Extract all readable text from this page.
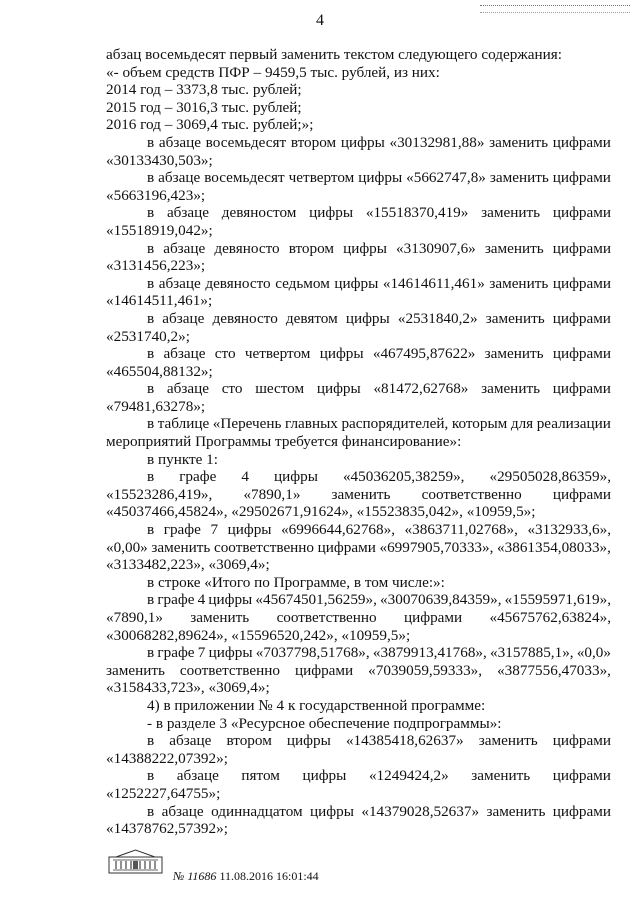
4
абзац восемьдесят первый заменить текстом следующего содержания:
«- объем средств ПФР – 9459,5 тыс. рублей, из них:
2014 год – 3373,8 тыс. рублей;
2015 год – 3016,3 тыс. рублей;
2016 год – 3069,4 тыс. рублей;»;
в абзаце восемьдесят втором цифры «30132981,88» заменить цифрами
«30133430,503»;
в абзаце восемьдесят четвертом цифры «5662747,8» заменить цифрами
«5663196,423»;
в абзаце девяностом цифры «15518370,419» заменить цифрами
«15518919,042»;
в абзаце девяносто втором цифры «3130907,6» заменить цифрами
«3131456,223»;
в абзаце девяносто седьмом цифры «14614611,461» заменить цифрами
«14614511,461»;
в абзаце девяносто девятом цифры «2531840,2» заменить цифрами
«2531740,2»;
в абзаце сто четвертом цифры «467495,87622» заменить цифрами
«465504,88132»;
в абзаце сто шестом цифры «81472,62768» заменить цифрами
«79481,63278»;
в таблице «Перечень главных распорядителей, которым для реализации
мероприятий Программы требуется финансирование»:
в пункте 1:
в графе 4 цифры «45036205,38259», «29505028,86359»,
«15523286,419», «7890,1» заменить соответственно цифрами
«45037466,45824», «29502671,91624», «15523835,042», «10959,5»;
в графе 7 цифры «6996644,62768», «3863711,02768», «3132933,6»,
«0,00» заменить соответственно цифрами «6997905,70333», «3861354,08033»,
«3133482,223», «3069,4»;
в строке «Итого по Программе, в том числе:»:
в графе 4 цифры «45674501,56259», «30070639,84359», «15595971,619»,
«7890,1» заменить соответственно цифрами «45675762,63824»,
«30068282,89624», «15596520,242», «10959,5»;
в графе 7 цифры «7037798,51768», «3879913,41768», «3157885,1», «0,0»
заменить соответственно цифрами «7039059,59333», «3877556,47033»,
«3158433,723», «3069,4»;
4) в приложении № 4 к государственной программе:
- в разделе 3 «Ресурсное обеспечение подпрограммы»:
в абзаце втором цифры «14385418,62637» заменить цифрами
«14388222,07392»;
в абзаце пятом цифры «1249424,2» заменить цифрами
«1252227,64755»;
в абзаце одиннадцатом цифры «14379028,52637» заменить цифрами
«14378762,57392»;
№ 11686 11.08.2016 16:01:44
